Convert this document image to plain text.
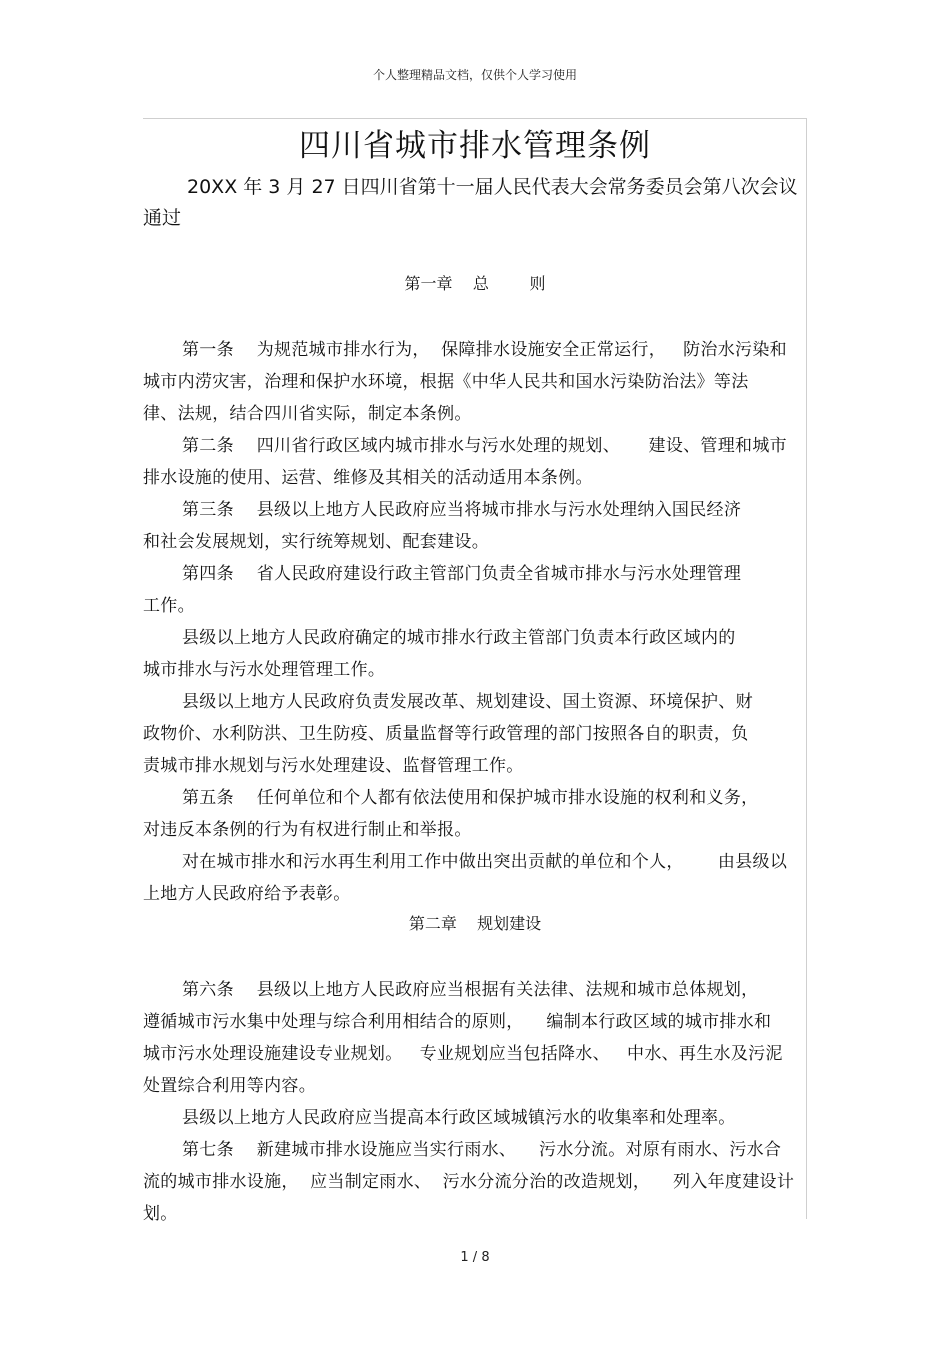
个人整理精品文档，仅供个人学习使用
四川省城市排水管理条例
20XX 年 3 月 27 日四川省第十一届人民代表大会常务委员会第八次会议通过
第一章    总        则
第一条    为规范城市排水行为，  保障排水设施安全正常运行，   防治水污染和
城市内涝灾害，治理和保护水环境，根据《中华人民共和国水污染防治法》等法
律、法规，结合四川省实际，制定本条例。
第二条    四川省行政区域内城市排水与污水处理的规划、     建设、管理和城市
排水设施的使用、运营、维修及其相关的活动适用本条例。
第三条    县级以上地方人民政府应当将城市排水与污水处理纳入国民经济
和社会发展规划，实行统筹规划、配套建设。
第四条    省人民政府建设行政主管部门负责全省城市排水与污水处理管理
工作。
县级以上地方人民政府确定的城市排水行政主管部门负责本行政区域内的
城市排水与污水处理管理工作。
县级以上地方人民政府负责发展改革、规划建设、国土资源、环境保护、财
政物价、水利防洪、卫生防疫、质量监督等行政管理的部门按照各自的职责，负
责城市排水规划与污水处理建设、监督管理工作。
第五条    任何单位和个人都有依法使用和保护城市排水设施的权利和义务，
对违反本条例的行为有权进行制止和举报。
对在城市排水和污水再生利用工作中做出突出贡献的单位和个人，      由县级以
上地方人民政府给予表彰。
第二章    规划建设
第六条    县级以上地方人民政府应当根据有关法律、法规和城市总体规划，
遵循城市污水集中处理与综合利用相结合的原则，    编制本行政区域的城市排水和
城市污水处理设施建设专业规划。   专业规划应当包括降水、   中水、再生水及污泥
处置综合利用等内容。
县级以上地方人民政府应当提高本行政区域城镇污水的收集率和处理率。
第七条    新建城市排水设施应当实行雨水、    污水分流。对原有雨水、污水合
流的城市排水设施，  应当制定雨水、  污水分流分治的改造规划，    列入年度建设计
划。
1 / 8
